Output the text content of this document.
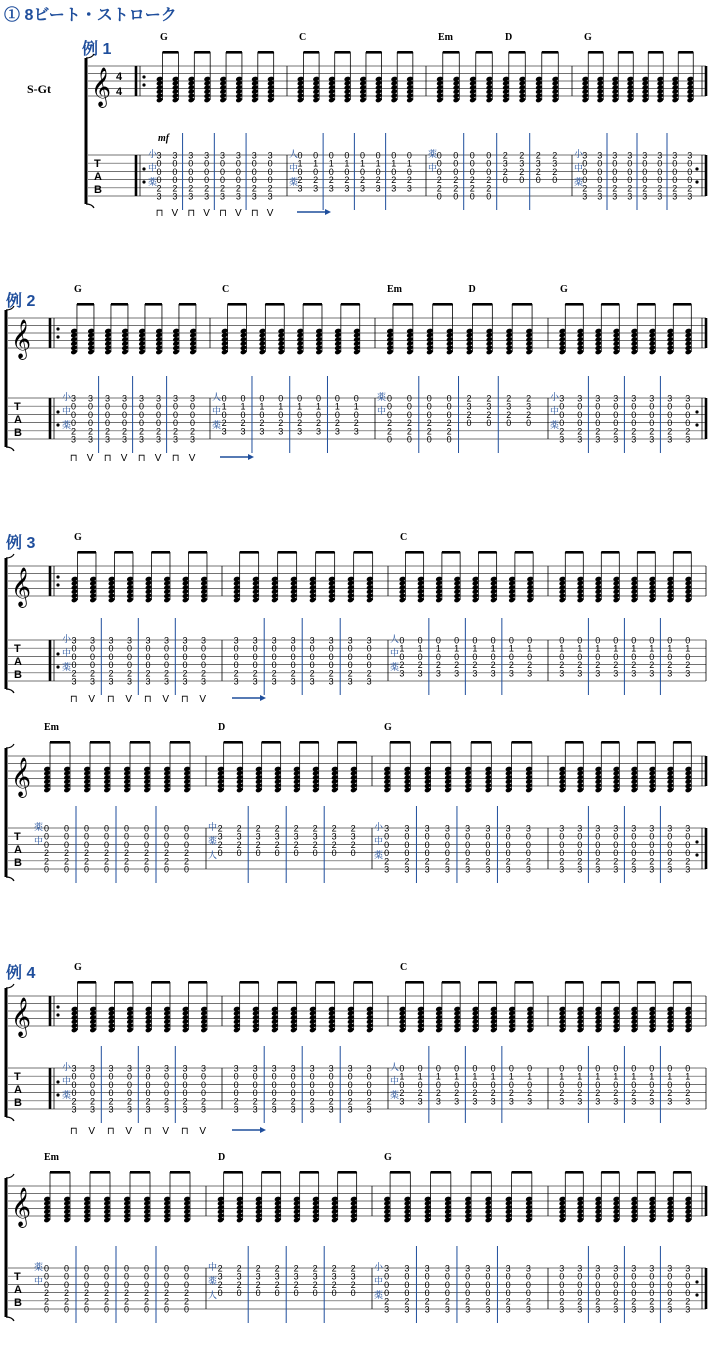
① 8ビート・ストローク
S-Gt
例 1
例 2
例 3
例 4
𝄞
T
A
B
4
4
mf
G
3
0
0
0
2
3
3
0
0
0
2
3
3
0
0
0
2
3
3
0
0
0
2
3
3
0
0
0
2
3
3
0
0
0
2
3
3
0
0
0
2
3
3
0
0
0
2
3
小
中
薬
C
0
1
0
2
3
0
1
0
2
3
0
1
0
2
3
0
1
0
2
3
0
1
0
2
3
0
1
0
2
3
0
1
0
2
3
0
1
0
2
3
人
中
薬
Em	D
0
0
0
2
2
0
0
0
0
2
2
0
0
0
0
2
2
0
0
0
0
2
2
0
2
3
2
0
2
3
2
0
2
3
2
0
2
3
2
0
薬
中
G
3
0
0
0
2
3
3
0
0
0
2
3
3
0
0
0
2
3
3
0
0
0
2
3
3
0
0
0
2
3
3
0
0
0
2
3
3
0
0
0
2
3
3
0
0
0
2
3
小
中
薬
⊓ V ⊓ V ⊓ V ⊓ V
𝄞
T
A
B
G
3
0
0
0
2
3
3
0
0
0
2
3
3
0
0
0
2
3
3
0
0
0
2
3
3
0
0
0
2
3
3
0
0
0
2
3
3
0
0
0
2
3
3
0
0
0
2
3
小
中
薬
C
0
1
0
2
3
0
1
0
2
3
0
1
0
2
3
0
1
0
2
3
0
1
0
2
3
0
1
0
2
3
0
1
0
2
3
0
1
0
2
3
人
中
薬
Em	D
0
0
0
2
2
0
0
0
0
2
2
0
0
0
0
2
2
0
0
0
0
2
2
0
2
3
2
0
2
3
2
0
2
3
2
0
2
3
2
0
薬
中
G
3
0
0
0
2
3
3
0
0
0
2
3
3
0
0
0
2
3
3
0
0
0
2
3
3
0
0
0
2
3
3
0
0
0
2
3
3
0
0
0
2
3
3
0
0
0
2
3
小
中
薬
⊓ V ⊓ V ⊓ V ⊓ V
𝄞
T
A
B
G
3
0
0
0
2
3
3
0
0
0
2
3
3
0
0
0
2
3
3
0
0
0
2
3
3
0
0
0
2
3
3
0
0
0
2
3
3
0
0
0
2
3
3
0
0
0
2
3
小
中
薬
3
0
0
0
2
3
3
0
0
0
2
3
3
0
0
0
2
3
3
0
0
0
2
3
3
0
0
0
2
3
3
0
0
0
2
3
3
0
0
0
2
3
3
0
0
0
2
3
C
0
1
0
2
3
0
1
0
2
3
0
1
0
2
3
0
1
0
2
3
0
1
0
2
3
0
1
0
2
3
0
1
0
2
3
0
1
0
2
3
人
中
薬
0
1
0
2
3
0
1
0
2
3
0
1
0
2
3
0
1
0
2
3
0
1
0
2
3
0
1
0
2
3
0
1
0
2
3
0
1
0
2
3
⊓ V ⊓ V ⊓ V ⊓ V
𝄞
T
A
B
Em
0
0
0
2
2
0
0
0
0
2
2
0
0
0
0
2
2
0
0
0
0
2
2
0
0
0
0
2
2
0
0
0
0
2
2
0
0
0
0
2
2
0
0
0
0
2
2
0
薬
中
D
2
3
2
0
2
3
2
0
2
3
2
0
2
3
2
0
2
3
2
0
2
3
2
0
2
3
2
0
2
3
2
0
中
薬
人
G
3
0
0
0
2
3
3
0
0
0
2
3
3
0
0
0
2
3
3
0
0
0
2
3
3
0
0
0
2
3
3
0
0
0
2
3
3
0
0
0
2
3
3
0
0
0
2
3
小
中
薬
3
0
0
0
2
3
3
0
0
0
2
3
3
0
0
0
2
3
3
0
0
0
2
3
3
0
0
0
2
3
3
0
0
0
2
3
3
0
0
0
2
3
3
0
0
0
2
3
𝄞
T
A
B
G
3
0
0
0
2
3
3
0
0
0
2
3
3
0
0
0
2
3
3
0
0
0
2
3
3
0
0
0
2
3
3
0
0
0
2
3
3
0
0
0
2
3
3
0
0
0
2
3
小
中
薬
3
0
0
0
2
3
3
0
0
0
2
3
3
0
0
0
2
3
3
0
0
0
2
3
3
0
0
0
2
3
3
0
0
0
2
3
3
0
0
0
2
3
3
0
0
0
2
3
C
0
1
0
2
3
0
1
0
2
3
0
1
0
2
3
0
1
0
2
3
0
1
0
2
3
0
1
0
2
3
0
1
0
2
3
0
1
0
2
3
人
中
薬
0
1
0
2
3
0
1
0
2
3
0
1
0
2
3
0
1
0
2
3
0
1
0
2
3
0
1
0
2
3
0
1
0
2
3
0
1
0
2
3
⊓ V ⊓ V ⊓ V ⊓ V
𝄞
T
A
B
Em
0
0
0
2
2
0
0
0
0
2
2
0
0
0
0
2
2
0
0
0
0
2
2
0
0
0
0
2
2
0
0
0
0
2
2
0
0
0
0
2
2
0
0
0
0
2
2
0
薬
中
D
2
3
2
0
2
3
2
0
2
3
2
0
2
3
2
0
2
3
2
0
2
3
2
0
2
3
2
0
2
3
2
0
中
薬
人
G
3
0
0
0
2
3
3
0
0
0
2
3
3
0
0
0
2
3
3
0
0
0
2
3
3
0
0
0
2
3
3
0
0
0
2
3
3
0
0
0
2
3
3
0
0
0
2
3
小
中
薬
3
0
0
0
2
3
3
0
0
0
2
3
3
0
0
0
2
3
3
0
0
0
2
3
3
0
0
0
2
3
3
0
0
0
2
3
3
0
0
0
2
3
3
0
0
0
2
3
